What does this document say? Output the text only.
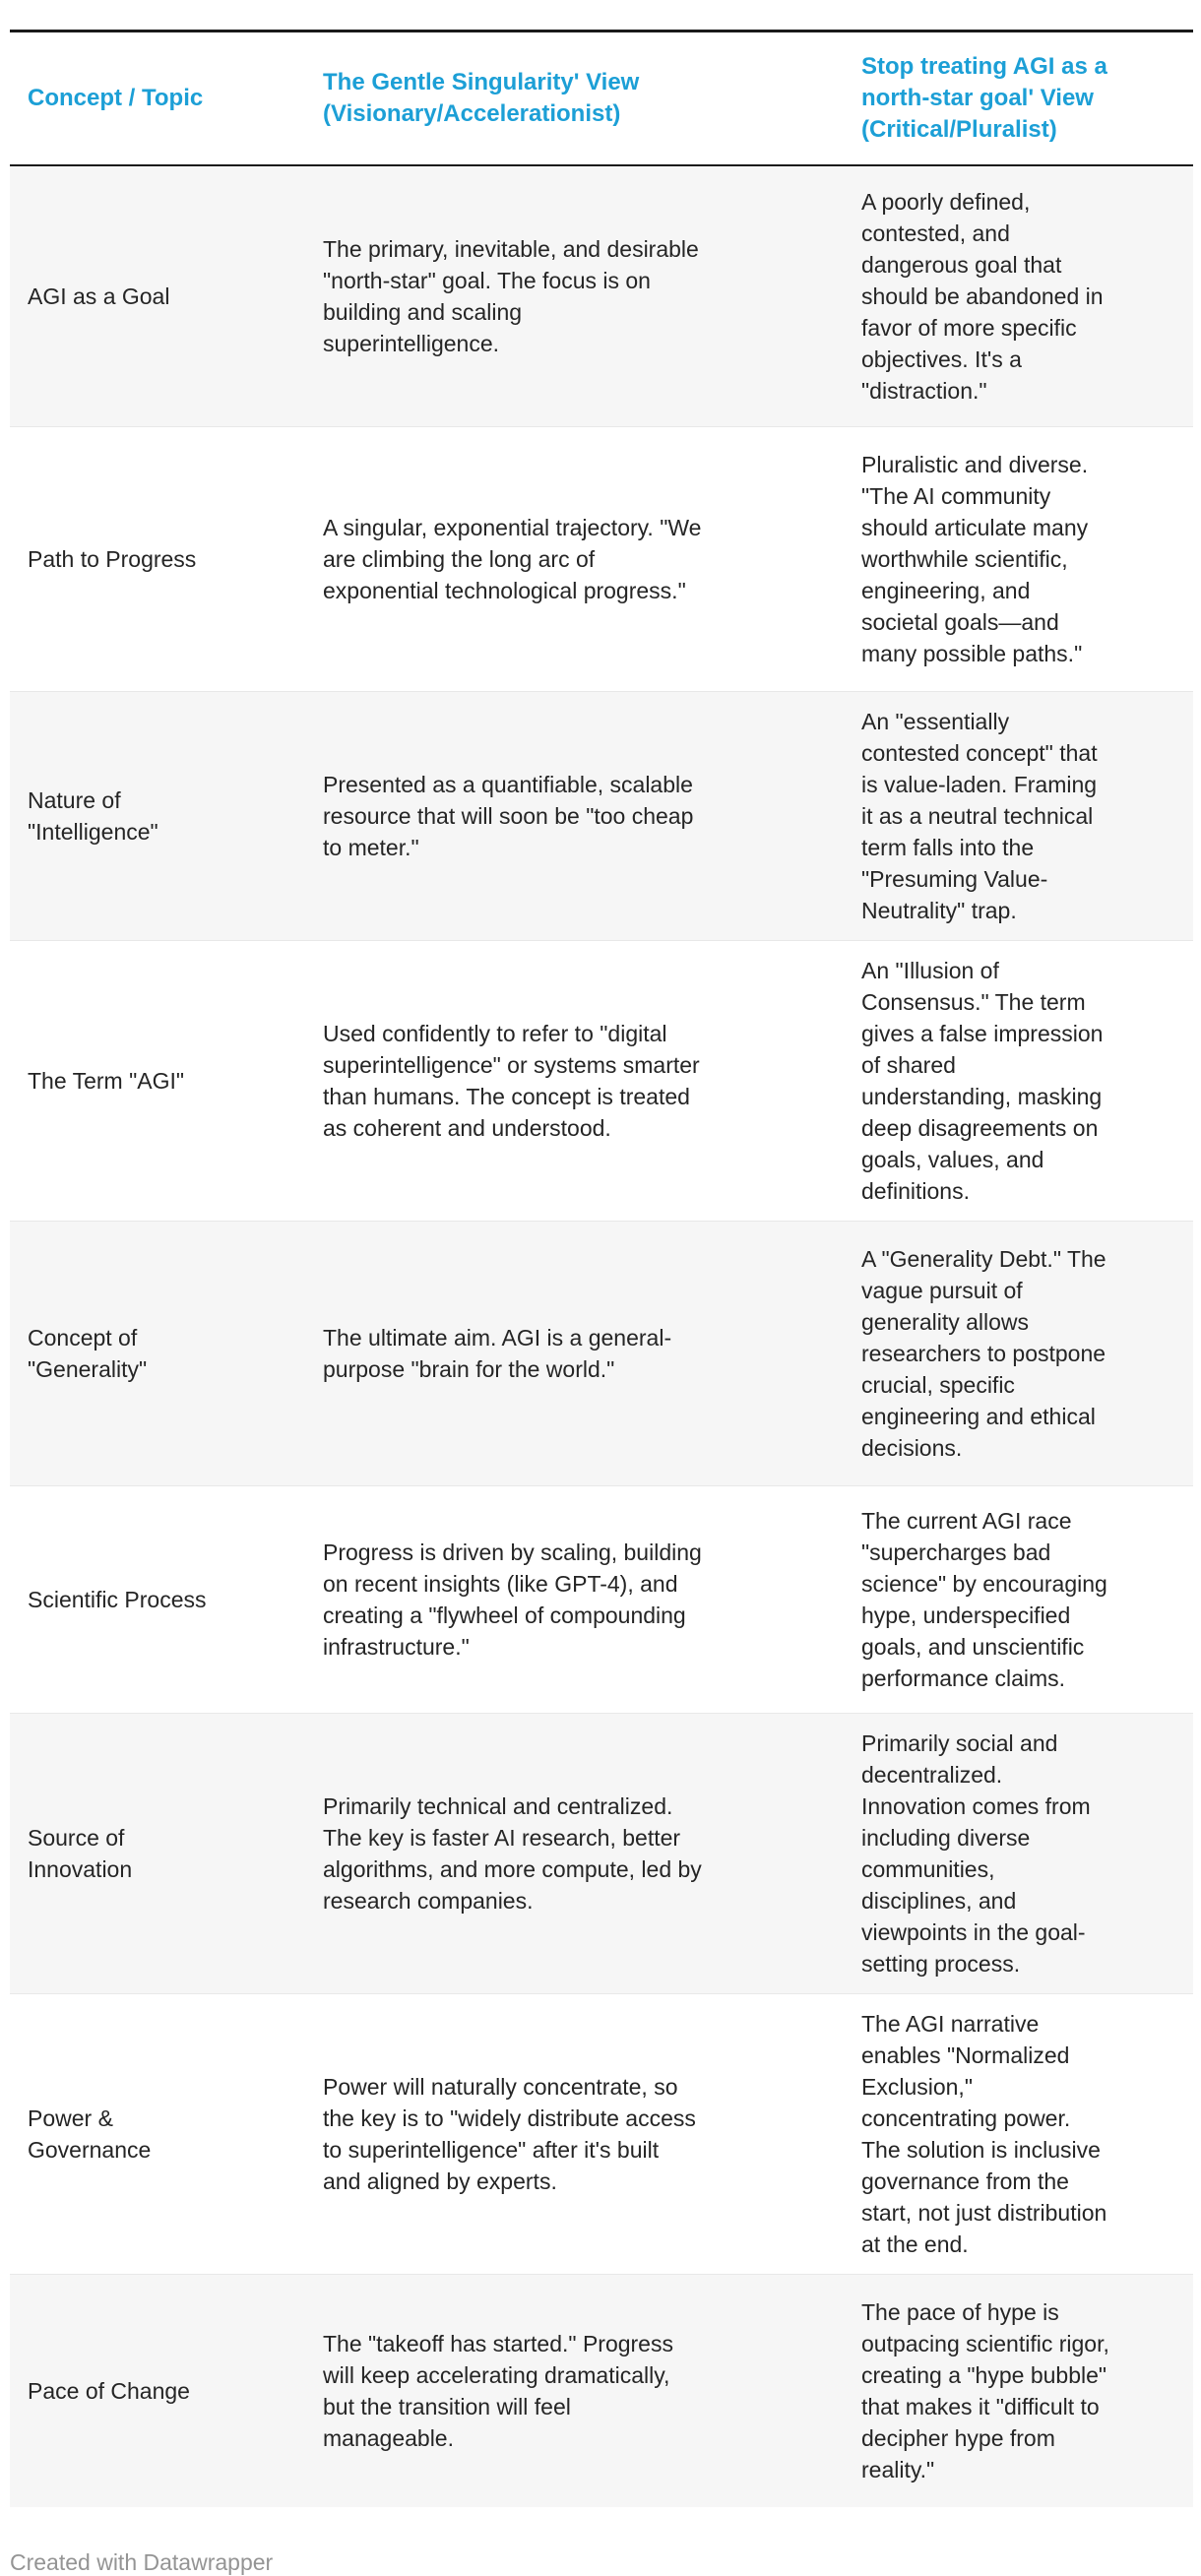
Concept / Topic
The Gentle Singularity' View (Visionary/Accelerationist)
Stop treating AGI as a north-star goal' View (Critical/Pluralist)
AGI as a Goal
The primary, inevitable, and desirable "north-star" goal. The focus is on building and scaling superintelligence.
A poorly defined, contested, and dangerous goal that should be abandoned in favor of more specific objectives. It's a "distraction."
Path to Progress
A singular, exponential trajectory. "We are climbing the long arc of exponential technological progress."
Pluralistic and diverse. "The AI community should articulate many worthwhile scientific, engineering, and societal goals—and many possible paths."
Nature of "Intelligence"
Presented as a quantifiable, scalable resource that will soon be "too cheap to meter."
An "essentially contested concept" that is value-laden. Framing it as a neutral technical term falls into the "Presuming Value-Neutrality" trap.
The Term "AGI"
Used confidently to refer to "digital superintelligence" or systems smarter than humans. The concept is treated as coherent and understood.
An "Illusion of Consensus." The term gives a false impression of shared understanding, masking deep disagreements on goals, values, and definitions.
Concept of "Generality"
The ultimate aim. AGI is a general-purpose "brain for the world."
A "Generality Debt." The vague pursuit of generality allows researchers to postpone crucial, specific engineering and ethical decisions.
Scientific Process
Progress is driven by scaling, building on recent insights (like GPT-4), and creating a "flywheel of compounding infrastructure."
The current AGI race "supercharges bad science" by encouraging hype, underspecified goals, and unscientific performance claims.
Source of Innovation
Primarily technical and centralized. The key is faster AI research, better algorithms, and more compute, led by research companies.
Primarily social and decentralized. Innovation comes from including diverse communities, disciplines, and viewpoints in the goal-setting process.
Power & Governance
Power will naturally concentrate, so the key is to "widely distribute access to superintelligence" after it's built and aligned by experts.
The AGI narrative enables "Normalized Exclusion," concentrating power. The solution is inclusive governance from the start, not just distribution at the end.
Pace of Change
The "takeoff has started." Progress will keep accelerating dramatically, but the transition will feel manageable.
The pace of hype is outpacing scientific rigor, creating a "hype bubble" that makes it "difficult to decipher hype from reality."
Created with Datawrapper
